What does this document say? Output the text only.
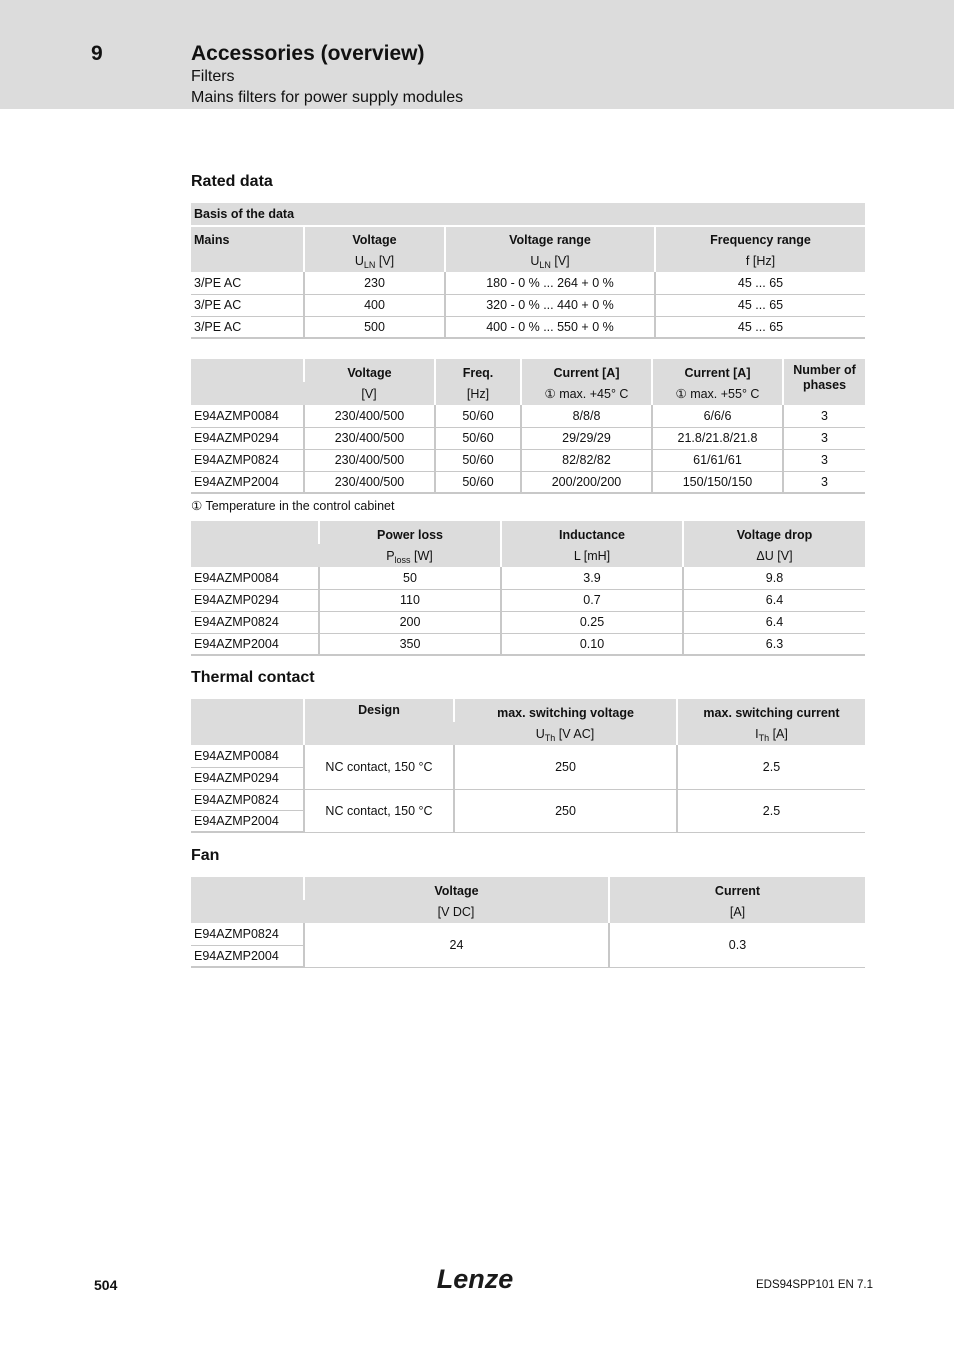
9	Accessories (overview)
Filters
Mains filters for power supply modules
Rated data
Basis of the data			
Mains	Voltage	Voltage range	Frequency range
	$U_{LN}$ [V]	$U_{LN}$ [V]	f [Hz]
3/PE AC	230	180 - 0 % ... 264 + 0 %	45 ... 65
3/PE AC	400	320 - 0 % ... 440 + 0 %	45 ... 65
3/PE AC	500	400 - 0 % ... 550 + 0 %	45 ... 65
	Voltage	Freq.	Current [A]	Current [A]	Number of phases
	[V]	[Hz]	① max. +45° C	① max. +55° C	
E94AZMP0084	230/400/500	50/60	8/8/8	6/6/6	3
E94AZMP0294	230/400/500	50/60	29/29/29	21.8/21.8/21.8	3
E94AZMP0824	230/400/500	50/60	82/82/82	61/61/61	3
E94AZMP2004	230/400/500	50/60	200/200/200	150/150/150	3
① Temperature in the control cabinet
	Power loss	Inductance	Voltage drop
	$P_{loss}$ [W]	L [mH]	ΔU [V]
E94AZMP0084	50	3.9	9.8
E94AZMP0294	110	0.7	6.4
E94AZMP0824	200	0.25	6.4
E94AZMP2004	350	0.10	6.3
Thermal contact
	Design	max. switching voltage	max. switching current
		$U_{Th}$ [V AC]	$I_{Th}$ [A]
E94AZMP0084	NC contact, 150 °C	250	2.5
E94AZMP0294			
E94AZMP0824	NC contact, 150 °C	250	2.5
E94AZMP2004			
Fan
	Voltage	Current
	[V DC]	[A]
E94AZMP0824	24	0.3
E94AZMP2004		
504	Lenze	EDS94SPP101 EN 7.1
